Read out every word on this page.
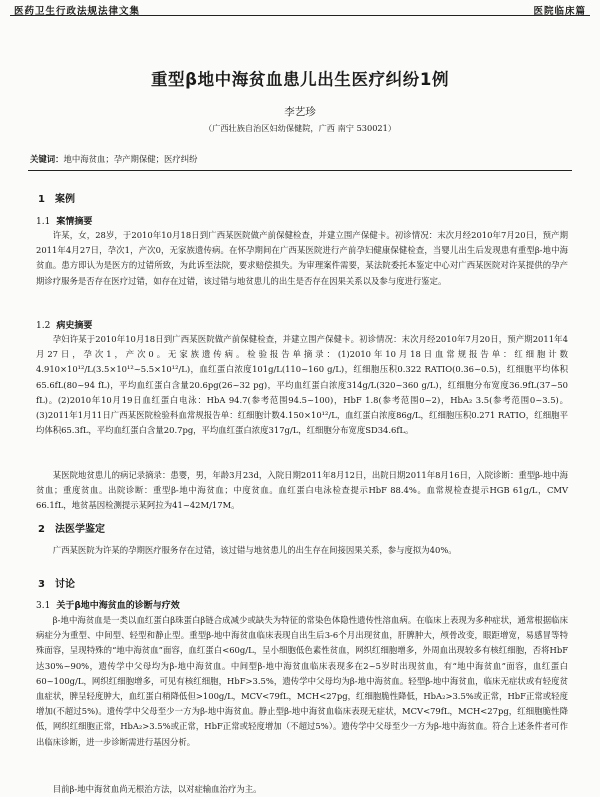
医药卫生行政法规法律文集	医院临床篇
重型β地中海贫血患儿出生医疗纠纷1例
李艺珍
（广西壮族自治区妇幼保健院，广西 南宁 530021）
关键词：地中海贫血；孕产期保健；医疗纠纷
1　案例
1.1 案情摘要
许某，女，28岁，于2010年10月18日到广西某医院做产前保健检查，并建立围产保健卡。初诊情况：末次月经2010年7月20日，预产期2011年4月27日，孕次1，产次0，无家族遗传病。在怀孕期间在广西某医院进行产前孕妇健康保健检查，当婴儿出生后发现患有重型β-地中海贫血。患方即认为是医方的过错所致，为此诉至法院，要求赔偿损失。为审理案件需要，某法院委托本鉴定中心对广西某医院对许某提供的孕产期诊疗服务是否存在医疗过错，如存在过错，该过错与地贫患儿的出生是否存在因果关系以及参与度进行鉴定。
1.2 病史摘要
孕妇许某于2010年10月18日到广西某医院做产前保健检查，并建立围产保健卡。初诊情况：末次月经2010年7月20日，预产期2011年4月27日，孕次1，产次0。无家族遗传病。检验报告单摘录：(1)2010年10月18日血常规报告单：红细胞计数4.910×10¹²/L(3.5×10¹²~5.5×10¹²/L)，血红蛋白浓度101g/L(110~160 g/L)，红细胞压积0.322 RATIO(0.36~0.5)，红细胞平均体积65.6fL(80~94 fL)，平均血红蛋白含量20.6pg(26~32 pg)，平均血红蛋白浓度314g/L(320~360 g/L)，红细胞分布宽度36.9fL(37~50 fL)。(2)2010年10月19日血红蛋白电泳：HbA 94.7(参考范围94.5~100)，HbF 1.8(参考范围0~2)，HbA₂ 3.5(参考范围0~3.5)。(3)2011年1月11日广西某医院检验科血常规报告单：红细胞计数4.150×10¹²/L，血红蛋白浓度86g/L，红细胞压积0.271 RATIO，红细胞平均体积65.3fL，平均血红蛋白含量20.7pg，平均血红蛋白浓度317g/L，红细胞分布宽度SD34.6fL。
某医院地贫患儿的病记录摘录：患婴，男，年龄3月23d，入院日期2011年8月12日，出院日期2011年8月16日，入院诊断：重型β-地中海贫血；重度贫血。出院诊断：重型β-地中海贫血；中度贫血。血红蛋白电泳检查提示HbF 88.4%。血常规检查提示HGB 61g/L，CMV 66.1fL，地贫基因检测提示某阿拉为41~42M/17M。
2　法医学鉴定
广西某医院为许某的孕期医疗服务存在过错，该过错与地贫患儿的出生存在间接因果关系，参与度拟为40%。
3　讨论
3.1 关于β地中海贫血的诊断与疗效
β-地中海贫血是一类以血红蛋白β珠蛋白β链合成减少或缺失为特征的常染色体隐性遗传性溶血病。在临床上表现为多种症状，通常根据临床病症分为重型、中间型、轻型和静止型。重型β-地中海贫血临床表现自出生后3-6个月出现贫血，肝脾肿大，颅骨改变，眼距增宽，易感冒等特殊面容，呈现特殊的“地中海贫血”面容，血红蛋白<60g/L，呈小细胞低色素性贫血，网织红细胞增多，外周血出现较多有核红细胞，否将HbF达30%~90%，遗传学中父母均为β-地中海贫血。中间型β-地中海贫血临床表现多在2~5岁时出现贫血，有“地中海贫血”面容，血红蛋白60~100g/L，网织红细胞增多，可见有核红细胞，HbF>3.5%，遗传学中父母均为β-地中海贫血。轻型β-地中海贫血，临床无症状或有轻度贫血症状，脾呈轻度肿大，血红蛋白稍降低但>100g/L，MCV<79fL，MCH<27pg，红细胞脆性降低，HbA₂>3.5%或正常，HbF正常或轻度增加(不超过5%)。遗传学中父母至少一方为β-地中海贫血。静止型β-地中海贫血临床表现无症状，MCV<79fL，MCH<27pg，红细胞脆性降低，网织红细胞正常，HbA₂>3.5%或正常，HbF正常或轻度增加（不超过5%）。遗传学中父母至少一方为β-地中海贫血。符合上述条件者可作出临床诊断，进一步诊断需进行基因分析。
目前β-地中海贫血尚无根治方法，以对症输血治疗为主。
